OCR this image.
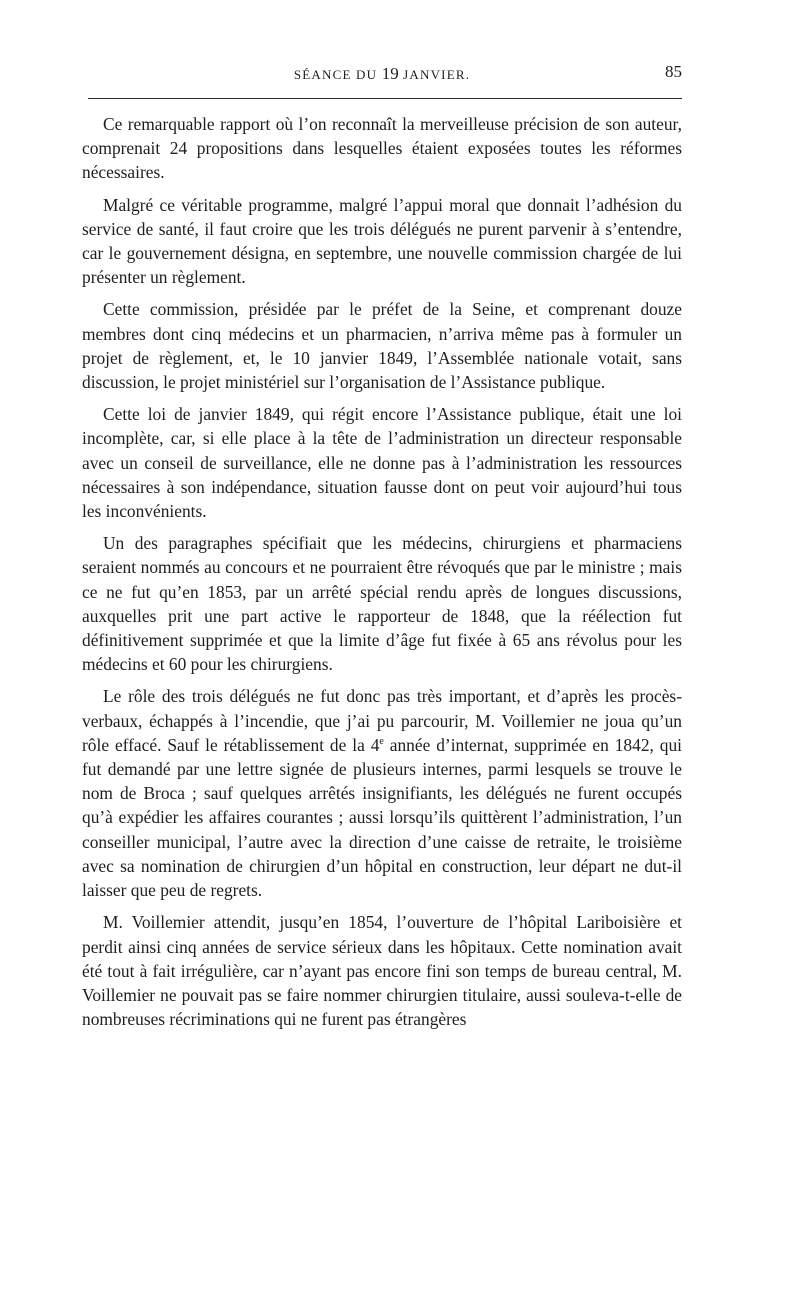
SÉANCE DU 19 JANVIER.	85

Ce remarquable rapport où l’on reconnaît la merveilleuse précision de son auteur, comprenait 24 propositions dans lesquelles étaient exposées toutes les réformes nécessaires.

Malgré ce véritable programme, malgré l’appui moral que donnait l’adhésion du service de santé, il faut croire que les trois délégués ne purent parvenir à s’entendre, car le gouvernement désigna, en septembre, une nouvelle commission chargée de lui présenter un règlement.

Cette commission, présidée par le préfet de la Seine, et comprenant douze membres dont cinq médecins et un pharmacien, n’arriva même pas à formuler un projet de règlement, et, le 10 janvier 1849, l’Assemblée nationale votait, sans discussion, le projet ministériel sur l’organisation de l’Assistance publique.

Cette loi de janvier 1849, qui régit encore l’Assistance publique, était une loi incomplète, car, si elle place à la tête de l’administration un directeur responsable avec un conseil de surveillance, elle ne donne pas à l’administration les ressources nécessaires à son indépendance, situation fausse dont on peut voir aujourd’hui tous les inconvénients.

Un des paragraphes spécifiait que les médecins, chirurgiens et pharmaciens seraient nommés au concours et ne pourraient être révoqués que par le ministre ; mais ce ne fut qu’en 1853, par un arrêté spécial rendu après de longues discussions, auxquelles prit une part active le rapporteur de 1848, que la réélection fut définitivement supprimée et que la limite d’âge fut fixée à 65 ans révolus pour les médecins et 60 pour les chirurgiens.

Le rôle des trois délégués ne fut donc pas très important, et d’après les procès-verbaux, échappés à l’incendie, que j’ai pu parcourir, M. Voillemier ne joua qu’un rôle effacé. Sauf le rétablissement de la 4e année d’internat, supprimée en 1842, qui fut demandé par une lettre signée de plusieurs internes, parmi lesquels se trouve le nom de Broca ; sauf quelques arrêtés insignifiants, les délégués ne furent occupés qu’à expédier les affaires courantes ; aussi lorsqu’ils quittèrent l’administration, l’un conseiller municipal, l’autre avec la direction d’une caisse de retraite, le troisième avec sa nomination de chirurgien d’un hôpital en construction, leur départ ne dut-il laisser que peu de regrets.

M. Voillemier attendit, jusqu’en 1854, l’ouverture de l’hôpital Lariboisière et perdit ainsi cinq années de service sérieux dans les hôpitaux. Cette nomination avait été tout à fait irrégulière, car n’ayant pas encore fini son temps de bureau central, M. Voillemier ne pouvait pas se faire nommer chirurgien titulaire, aussi souleva-t-elle de nombreuses récriminations qui ne furent pas étrangères
